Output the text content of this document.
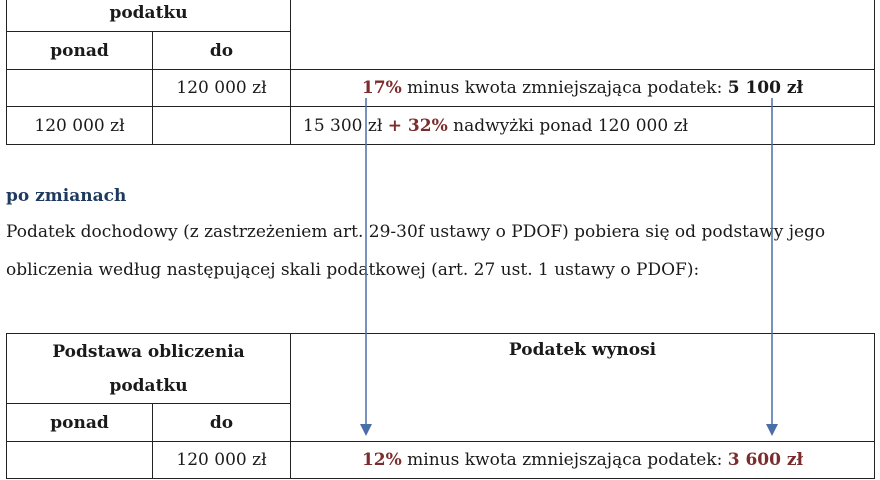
podatku		
ponad	do	
	120 000 zł	17% minus kwota zmniejszająca podatek: 5 100 zł
120 000 zł		15 300 zł + 32% nadwyżki ponad 120 000 zł
po zmianach

Podatek dochodowy (z zastrzeżeniem art. 29-30f ustawy o PDOF) pobiera się od podstawy jego

obliczenia według następującej skali podatkowej (art. 27 ust. 1 ustawy o PDOF):

Podstawa obliczenia
podatku		Podatek wynosi
ponad	do	
	120 000 zł	12% minus kwota zmniejszająca podatek: 3 600 zł
